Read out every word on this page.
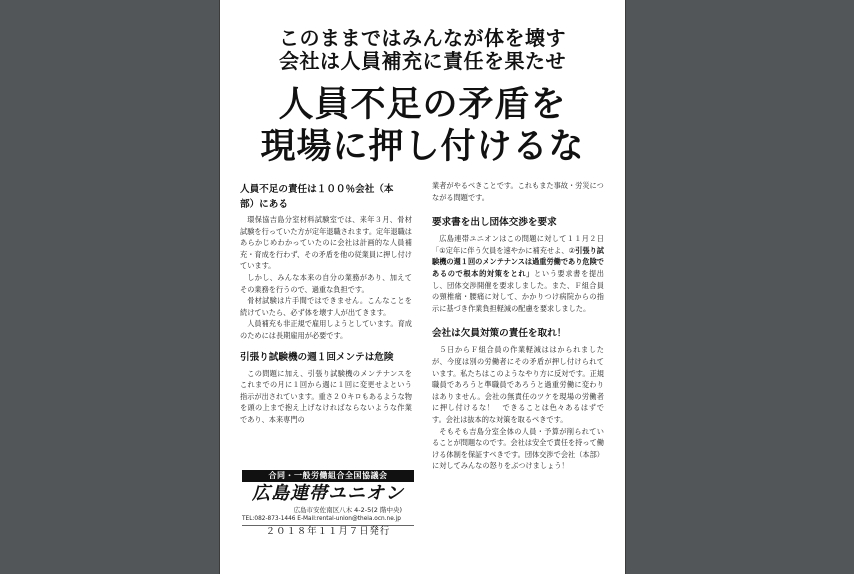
このままではみんなが体を壊す
会社は人員補充に責任を果たせ
人員不足の矛盾を
現場に押し付けるな
人員不足の責任は１００％会社（本
部）にある

環保協吉島分室材料試験室では、来年３月、骨材試験を行っていた方が定年退職されます。定年退職はあらかじめわかっていたのに会社は計画的な人員補充・育成を行わず、その矛盾を他の従業員に押し付けています。

しかし、みんな本来の自分の業務があり、加えてその業務を行うので、過重な負担です。

骨材試験は片手間ではできません。こんなことを続けていたら、必ず体を壊す人が出てきます。

人員補充も非正規で雇用しようとしています。育成のためには長期雇用が必要です。

引張り試験機の週１回メンテは危険

この問題に加え、引張り試験機のメンテナンスをこれまでの月に１回から週に１回に変更せよという指示が出されています。重さ２０キロもあるような物を頭の上まで抱え上げなければならないような作業であり、本来専門の

業者がやるべきことです。これもまた事故・労災につながる問題です。

要求書を出し団体交渉を要求

広島連帯ユニオンはこの問題に対して１１月２日「①定年に伴う欠員を速やかに補充せよ、②引張り試験機の週１回のメンテナンスは過重労働であり危険であるので根本的対策をとれ」という要求書を提出し、団体交渉開催を要求しました。また、Ｆ組合員の頸椎痛・腰痛に対して、かかりつけ病院からの指示に基づき作業負担軽減の配慮を要求しました。

会社は欠員対策の責任を取れ！

５日からＦ組合員の作業軽減ははかられましたが、今度は別の労働者にその矛盾が押し付けられています。私たちはこのようなやり方に反対です。正規職員であろうと準職員であろうと過重労働に変わりはありません。会社の無責任のツケを現場の労働者に押し付けるな！　できることは色々あるはずです。会社は抜本的な対策を取るべきです。

そもそも吉島分室全体の人員・予算が削られていることが問題なのです。会社は安全で責任を持って働ける体制を保証すべきです。団体交渉で会社（本部）に対してみんなの怒りをぶつけましょう！

合同・一般労働組合全国協議会
広島連帯ユニオン
広島市安佐南区八木 4-2-5(2 階中央)
TEL:082-873-1446 E-Mail:rental-union@theia.ocn.ne.jp
２０１８年１１月７日発行
